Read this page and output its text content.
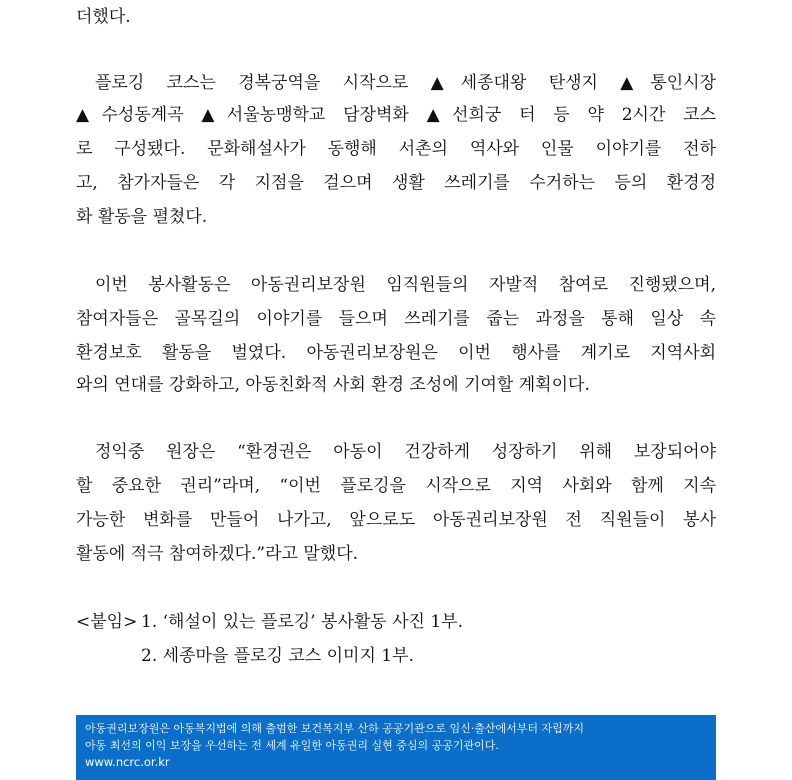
더했다.
플로깅 코스는 경복궁역을 시작으로 ▲세종대왕 탄생지 ▲통인시장
▲수성동계곡 ▲서울농맹학교 담장벽화 ▲선희궁 터 등 약 2시간 코스
로 구성됐다. 문화해설사가 동행해 서촌의 역사와 인물 이야기를 전하
고, 참가자들은 각 지점을 걸으며 생활 쓰레기를 수거하는 등의 환경정
화 활동을 펼쳤다.
이번 봉사활동은 아동권리보장원 임직원들의 자발적 참여로 진행됐으며,
참여자들은 골목길의 이야기를 들으며 쓰레기를 줍는 과정을 통해 일상 속
환경보호 활동을 벌였다. 아동권리보장원은 이번 행사를 계기로 지역사회
와의 연대를 강화하고, 아동친화적 사회 환경 조성에 기여할 계획이다.
정익중 원장은 “환경권은 아동이 건강하게 성장하기 위해 보장되어야
할 중요한 권리”라며, “이번 플로깅을 시작으로 지역 사회와 함께 지속
가능한 변화를 만들어 나가고, 앞으로도 아동권리보장원 전 직원들이 봉사
활동에 적극 참여하겠다.”라고 말했다.
<붙임> 1. ‘해설이 있는 플로깅’ 봉사활동 사진 1부.
2. 세종마을 플로깅 코스 이미지 1부.
아동권리보장원은 아동복지법에 의해 출범한 보건복지부 산하 공공기관으로 임신·출산에서부터 자립까지
아동 최선의 이익 보장을 우선하는 전 세계 유일한 아동권리 실현 중심의 공공기관이다.
www.ncrc.or.kr
